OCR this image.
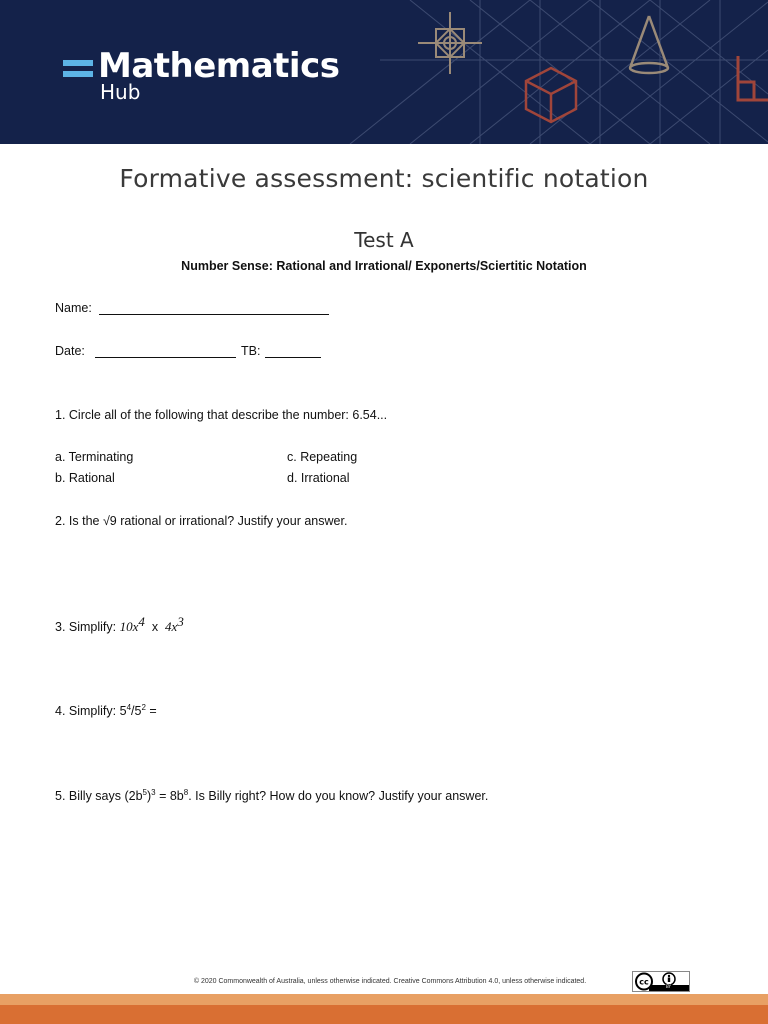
Mathematics
Hub
Formative assessment: scientific notation
Test A
Number Sense: Rational and Irrational/ Exponerts/Sciertitic Notation
Name:
Date:	TB:
1. Circle all of the following that describe the number: 6.54...
a. Terminating
b. Rational
c. Repeating
d. Irrational
2. Is the √9 rational or irrational? Justify your answer.
3. Simplify: $10x^4$ x $4x^3$
4. Simplify: $5^4/5^2$ =
5. Billy says $(2b^5)^3 = 8b^8$. Is Billy right? How do you know? Justify your answer.
© 2020 Commonwealth of Australia, unless otherwise indicated. Creative Commons Attribution 4.0, unless otherwise indicated.	cc	BY
